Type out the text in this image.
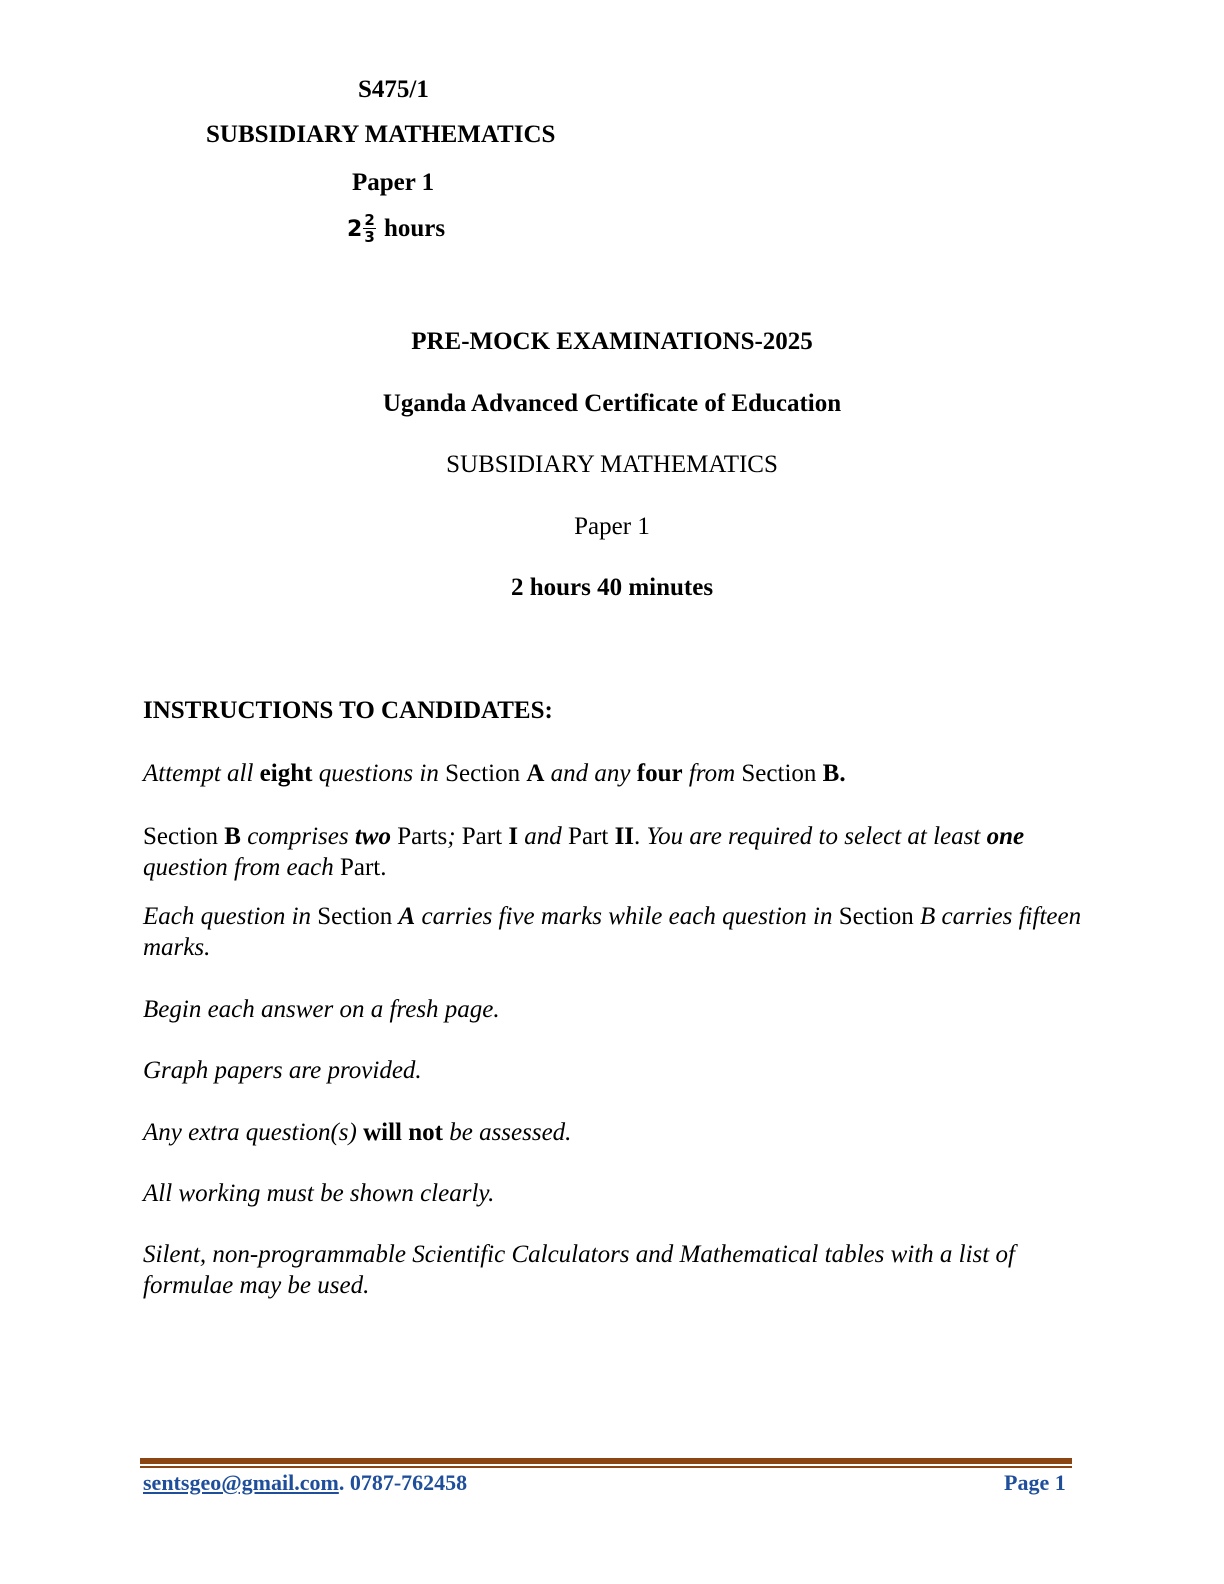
S475/1
SUBSIDIARY MATHEMATICS
Paper 1
$2 \frac{2}{3}$ hours
PRE-MOCK EXAMINATIONS-2025
Uganda Advanced Certificate of Education
SUBSIDIARY MATHEMATICS
Paper 1
2 hours 40 minutes
INSTRUCTIONS TO CANDIDATES:
Attempt all eight questions in Section A and any four from Section B.
Section B comprises two Parts; Part I and Part II. You are required to select at least one question from each Part.
Each question in Section A carries five marks while each question in Section B carries fifteen marks.
Begin each answer on a fresh page.
Graph papers are provided.
Any extra question(s) will not be assessed.
All working must be shown clearly.
Silent, non-programmable Scientific Calculators and Mathematical tables with a list of formulae may be used.
sentsgeo@gmail.com. 0787-762458	Page 1
